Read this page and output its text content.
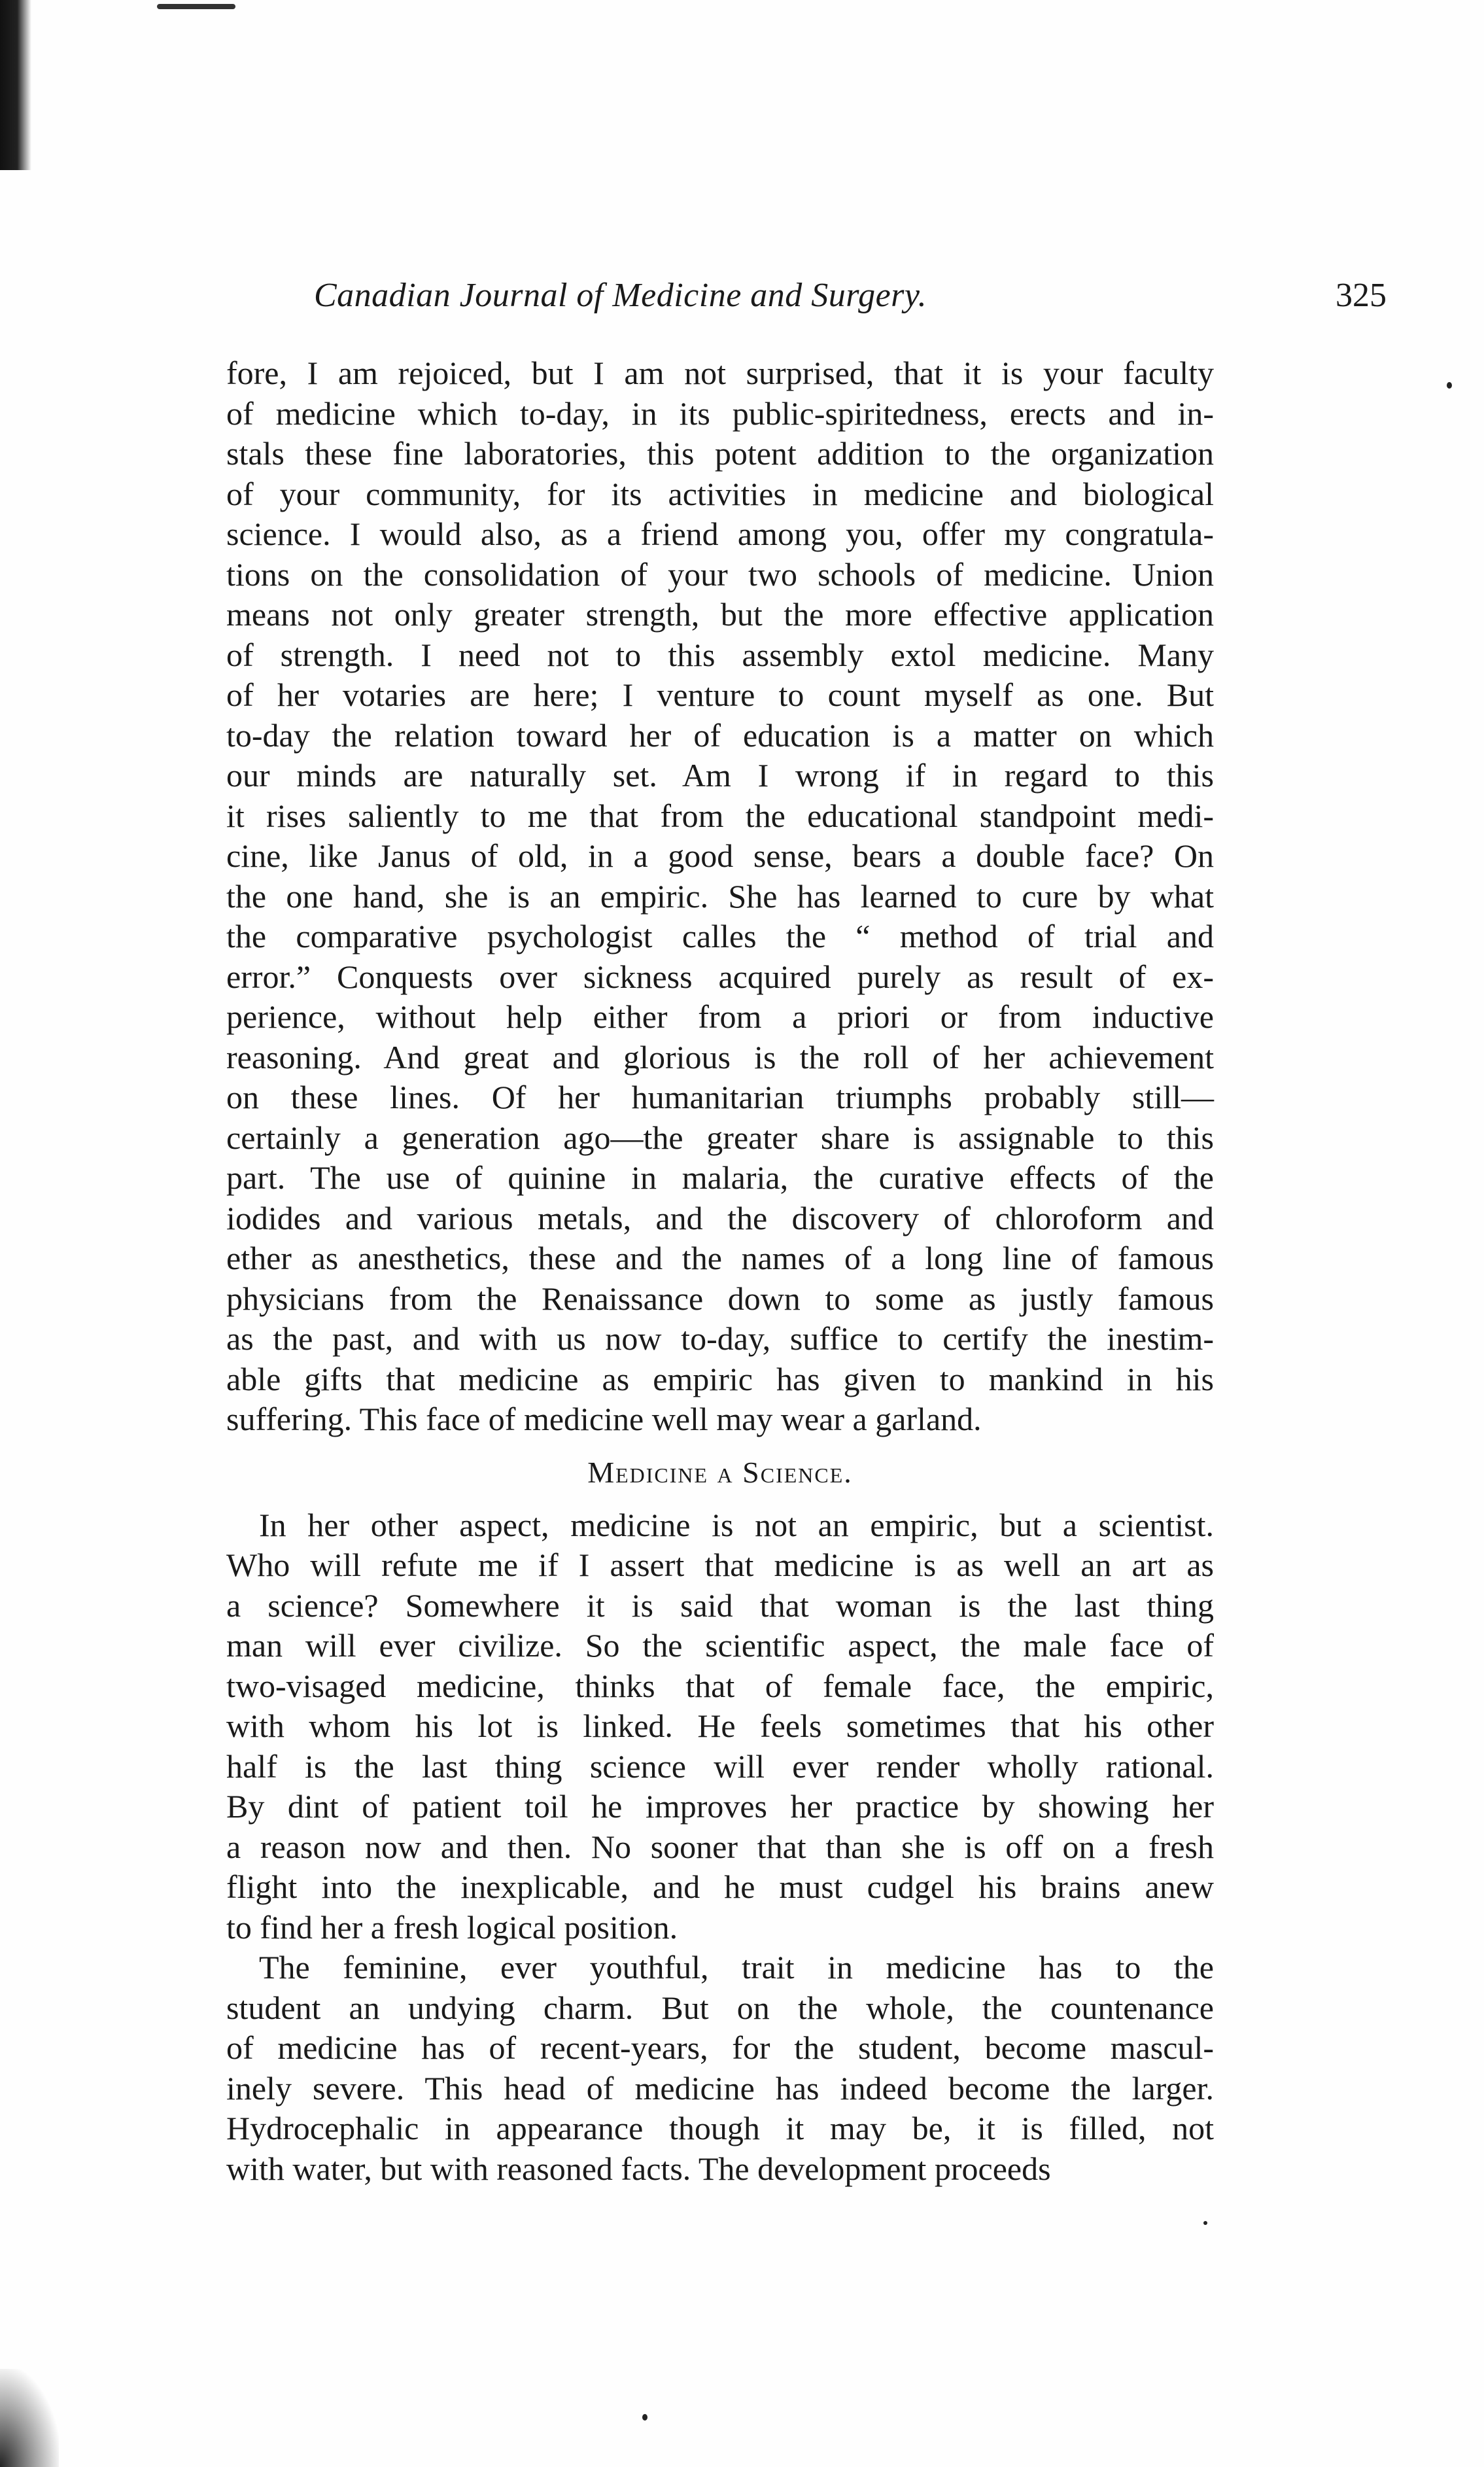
Canadian Journal of Medicine and Surgery.	325
fore, I am rejoiced, but I am not surprised, that it is your faculty
of medicine which to-day, in its public-spiritedness, erects and in-
stals these fine laboratories, this potent addition to the organization
of your community, for its activities in medicine and biological
science. I would also, as a friend among you, offer my congratula-
tions on the consolidation of your two schools of medicine. Union
means not only greater strength, but the more effective application
of strength. I need not to this assembly extol medicine. Many
of her votaries are here; I venture to count myself as one. But
to-day the relation toward her of education is a matter on which
our minds are naturally set. Am I wrong if in regard to this
it rises saliently to me that from the educational standpoint medi-
cine, like Janus of old, in a good sense, bears a double face? On
the one hand, she is an empiric. She has learned to cure by what
the comparative psychologist calles the “ method of trial and
error.” Conquests over sickness acquired purely as result of ex-
perience, without help either from a priori or from inductive
reasoning. And great and glorious is the roll of her achievement
on these lines. Of her humanitarian triumphs probably still—
certainly a generation ago—the greater share is assignable to this
part. The use of quinine in malaria, the curative effects of the
iodides and various metals, and the discovery of chloroform and
ether as anesthetics, these and the names of a long line of famous
physicians from the Renaissance down to some as justly famous
as the past, and with us now to-day, suffice to certify the inestim-
able gifts that medicine as empiric has given to mankind in his
suffering. This face of medicine well may wear a garland.
Medicine a Science.
In her other aspect, medicine is not an empiric, but a scientist.
Who will refute me if I assert that medicine is as well an art as
a science? Somewhere it is said that woman is the last thing
man will ever civilize. So the scientific aspect, the male face of
two-visaged medicine, thinks that of female face, the empiric,
with whom his lot is linked. He feels sometimes that his other
half is the last thing science will ever render wholly rational.
By dint of patient toil he improves her practice by showing her
a reason now and then. No sooner that than she is off on a fresh
flight into the inexplicable, and he must cudgel his brains anew
to find her a fresh logical position.
The feminine, ever youthful, trait in medicine has to the
student an undying charm. But on the whole, the countenance
of medicine has of recent-years, for the student, become mascul-
inely severe. This head of medicine has indeed become the larger.
Hydrocephalic in appearance though it may be, it is filled, not
with water, but with reasoned facts. The development proceeds
